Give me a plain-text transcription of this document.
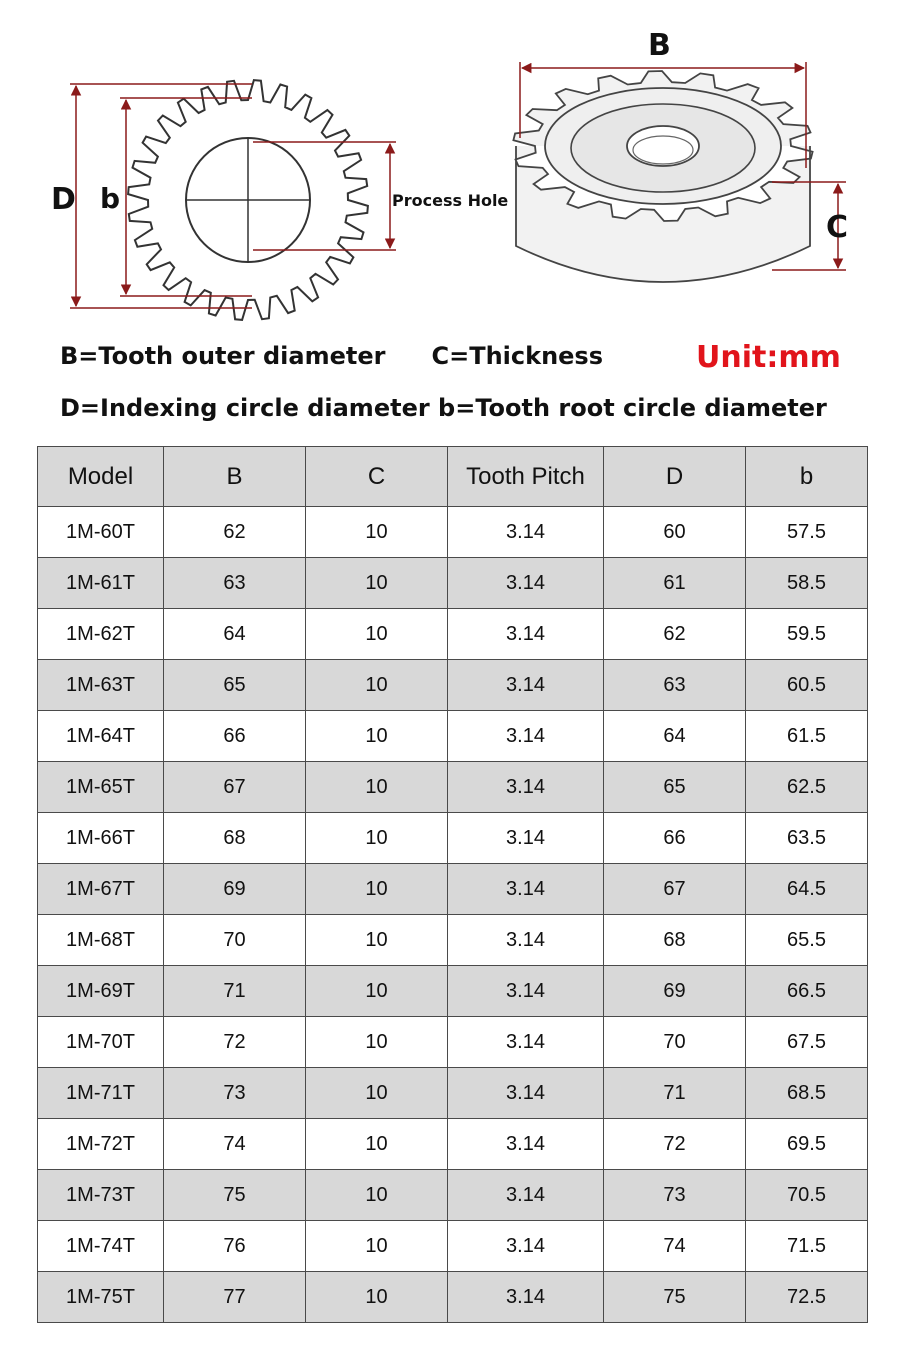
D b	Process Hole
B
C
B=Tooth outer diameter C=Thickness	Unit:mm
D=Indexing circle diameter b=Tooth root circle diameter
Model	B	C	Tooth Pitch	D	b
1M-60T	62	10	3.14	60	57.5
1M-61T	63	10	3.14	61	58.5
1M-62T	64	10	3.14	62	59.5
1M-63T	65	10	3.14	63	60.5
1M-64T	66	10	3.14	64	61.5
1M-65T	67	10	3.14	65	62.5
1M-66T	68	10	3.14	66	63.5
1M-67T	69	10	3.14	67	64.5
1M-68T	70	10	3.14	68	65.5
1M-69T	71	10	3.14	69	66.5
1M-70T	72	10	3.14	70	67.5
1M-71T	73	10	3.14	71	68.5
1M-72T	74	10	3.14	72	69.5
1M-73T	75	10	3.14	73	70.5
1M-74T	76	10	3.14	74	71.5
1M-75T	77	10	3.14	75	72.5
